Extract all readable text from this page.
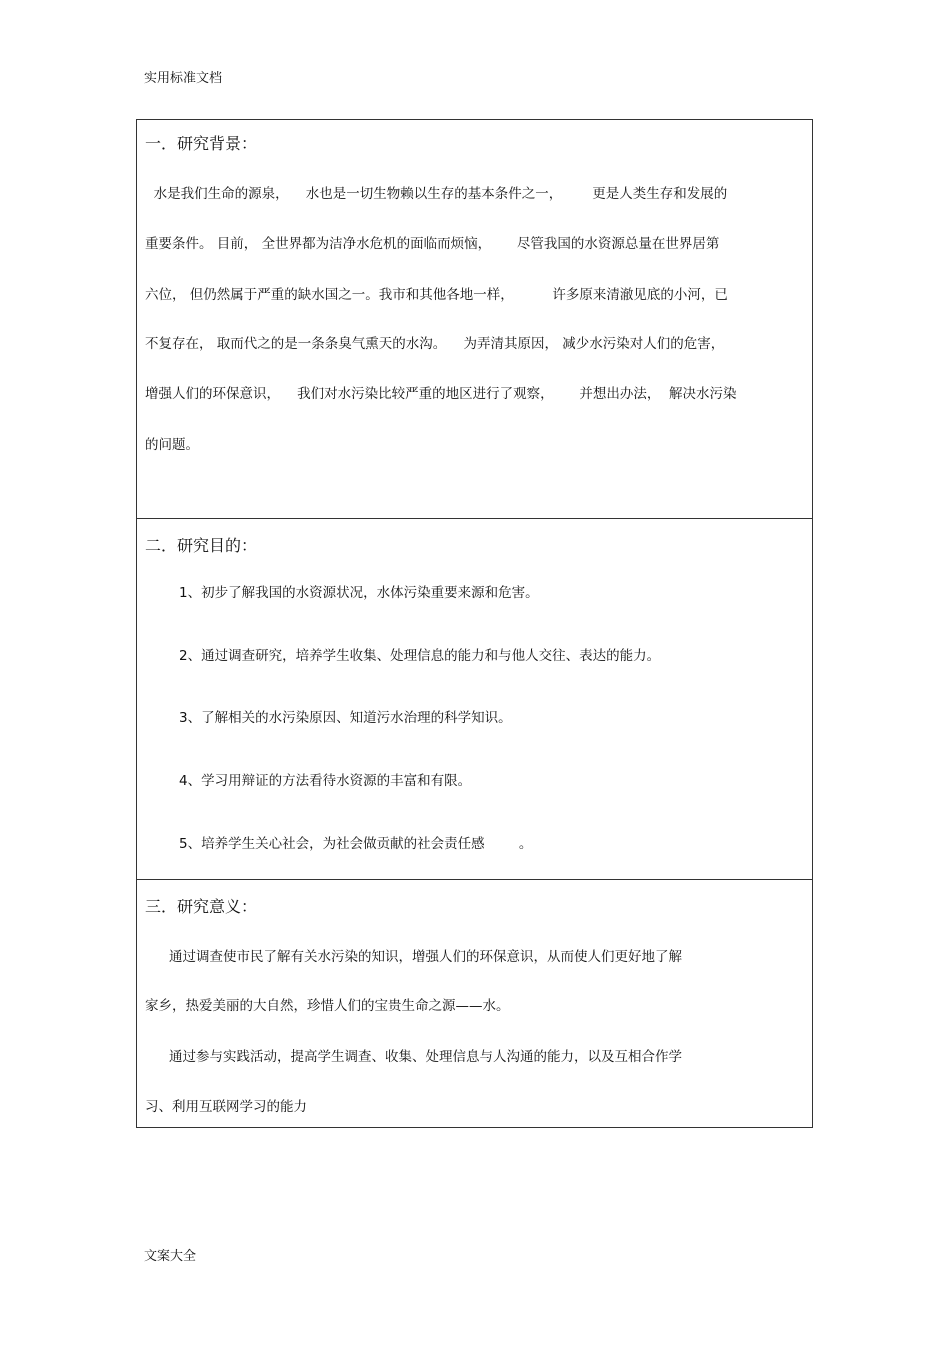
实用标准文档

一．研究背景：

水是我们生命的源泉，    水也是一切生物赖以生存的基本条件之一，       更是人类生存和发展的

重要条件。 目前， 全世界都为洁净水危机的面临而烦恼，      尽管我国的水资源总量在世界居第

六位， 但仍然属于严重的缺水国之一。我市和其他各地一样，         许多原来清澈见底的小河，已

不复存在， 取而代之的是一条条臭气熏天的水沟。    为弄清其原因， 减少水污染对人们的危害，

增强人们的环保意识，    我们对水污染比较严重的地区进行了观察，      并想出办法，  解决水污染

的问题。

二．研究目的：

1、初步了解我国的水资源状况，水体污染重要来源和危害。

2、通过调查研究，培养学生收集、处理信息的能力和与他人交往、表达的能力。

3、了解相关的水污染原因、知道污水治理的科学知识。

4、学习用辩证的方法看待水资源的丰富和有限。

5、培养学生关心社会，为社会做贡献的社会责任感        。

三．研究意义：

通过调查使市民了解有关水污染的知识，增强人们的环保意识，从而使人们更好地了解

家乡，热爱美丽的大自然，珍惜人们的宝贵生命之源——水。

通过参与实践活动，提高学生调查、收集、处理信息与人沟通的能力，以及互相合作学

习、利用互联网学习的能力

文案大全
